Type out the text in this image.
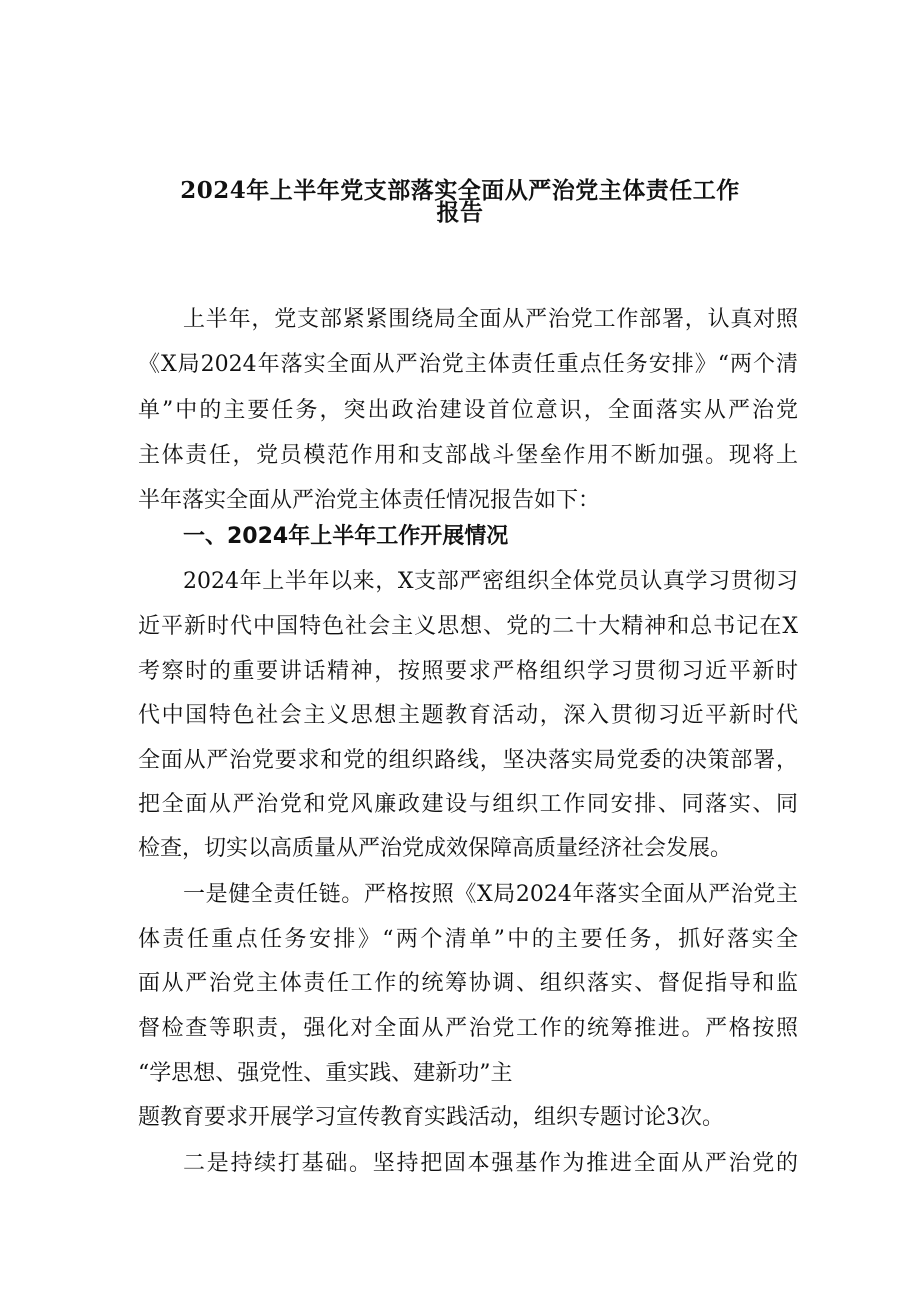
2024年上半年党支部落实全面从严治党主体责任工作
报告
上半年，党支部紧紧围绕局全面从严治党工作部署，认真对照
《X局2024年落实全面从严治党主体责任重点任务安排》“两个清
单”中的主要任务，突出政治建设首位意识，全面落实从严治党
主体责任，党员模范作用和支部战斗堡垒作用不断加强。现将上
半年落实全面从严治党主体责任情况报告如下：
一、2024年上半年工作开展情况
2024年上半年以来，X支部严密组织全体党员认真学习贯彻习
近平新时代中国特色社会主义思想、党的二十大精神和总书记在X
考察时的重要讲话精神，按照要求严格组织学习贯彻习近平新时
代中国特色社会主义思想主题教育活动，深入贯彻习近平新时代
全面从严治党要求和党的组织路线，坚决落实局党委的决策部署，
把全面从严治党和党风廉政建设与组织工作同安排、同落实、同
检查，切实以高质量从严治党成效保障高质量经济社会发展。
一是健全责任链。严格按照《X局2024年落实全面从严治党主
体责任重点任务安排》“两个清单”中的主要任务，抓好落实全
面从严治党主体责任工作的统筹协调、组织落实、督促指导和监
督检查等职责，强化对全面从严治党工作的统筹推进。严格按照
“学思想、强党性、重实践、建新功”主
题教育要求开展学习宣传教育实践活动，组织专题讨论3次。
二是持续打基础。坚持把固本强基作为推进全面从严治党的
